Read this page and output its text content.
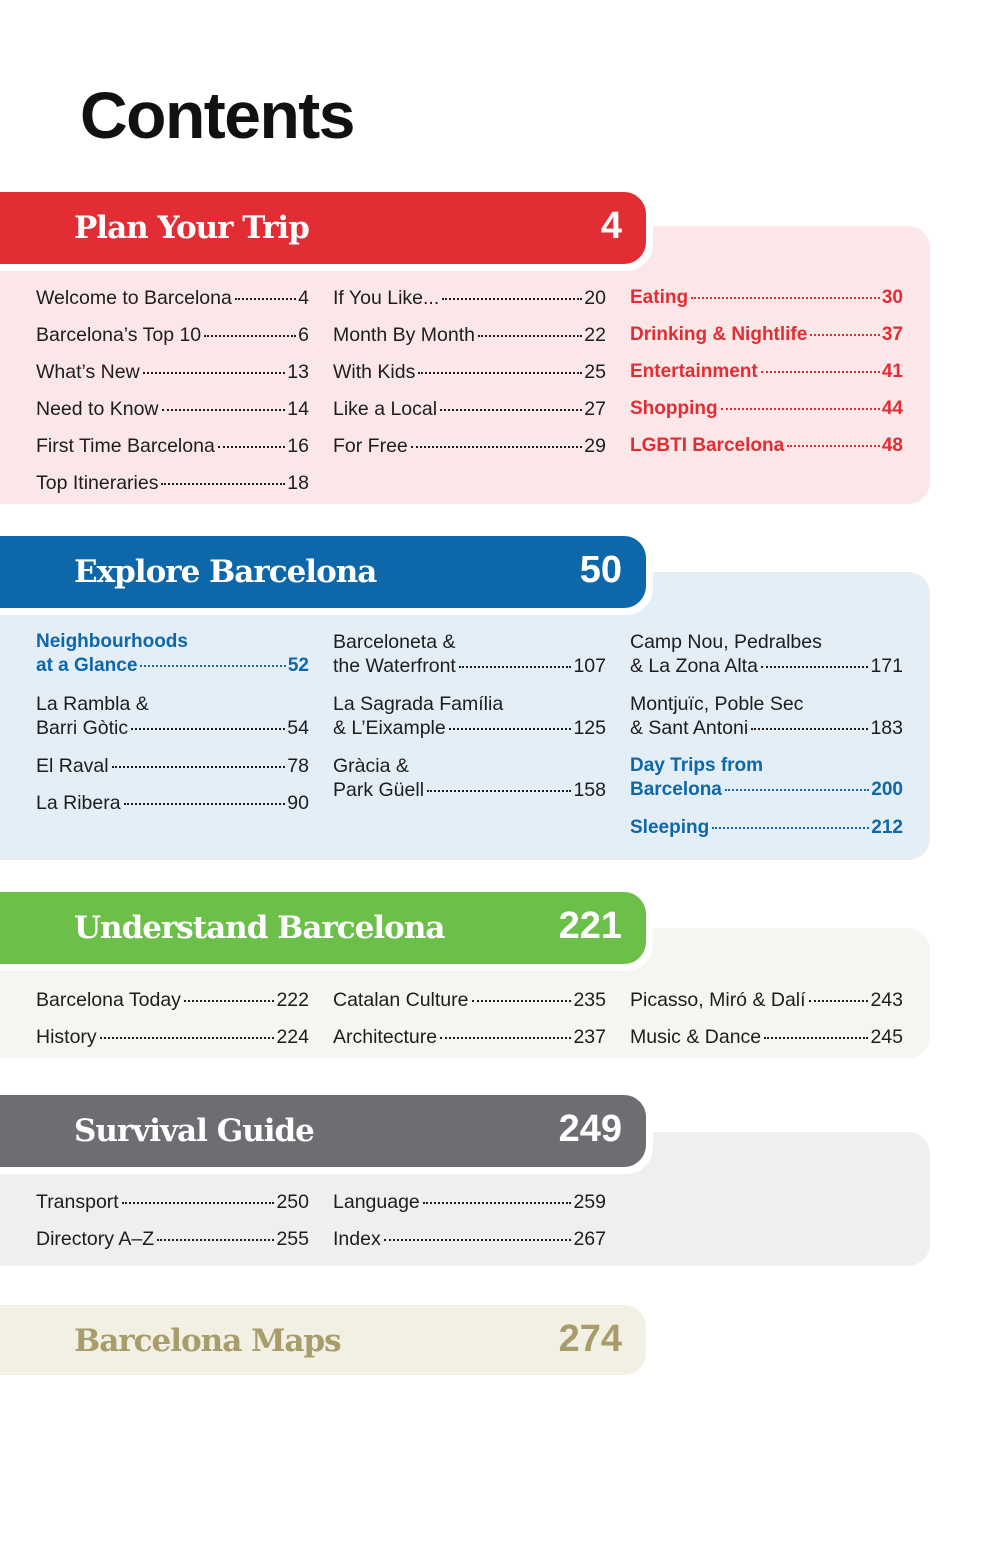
Contents
Plan Your Trip	4
Welcome to Barcelona	4
Barcelona’s Top 10	6
What’s New	13
Need to Know	14
First Time Barcelona	16
Top Itineraries	18
If You Like...	20
Month By Month	22
With Kids	25
Like a Local	27
For Free	29
Eating	30
Drinking & Nightlife	37
Entertainment	41
Shopping	44
LGBTI Barcelona	48
Explore Barcelona	50
Neighbourhoods
at a Glance	52
La Rambla &
Barri Gòtic	54
El Raval	78
La Ribera	90
Barceloneta &
the Waterfront	107
La Sagrada Família
& L’Eixample	125
Gràcia &
Park Güell	158
Camp Nou, Pedralbes
& La Zona Alta	171
Montjuïc, Poble Sec
& Sant Antoni	183
Day Trips from
Barcelona	200
Sleeping	212
Understand Barcelona	221
Barcelona Today	222
History	224
Catalan Culture	235
Architecture	237
Picasso, Miró & Dalí	243
Music & Dance	245
Survival Guide	249
Transport	250
Directory A–Z	255
Language	259
Index	267
Barcelona Maps	274
